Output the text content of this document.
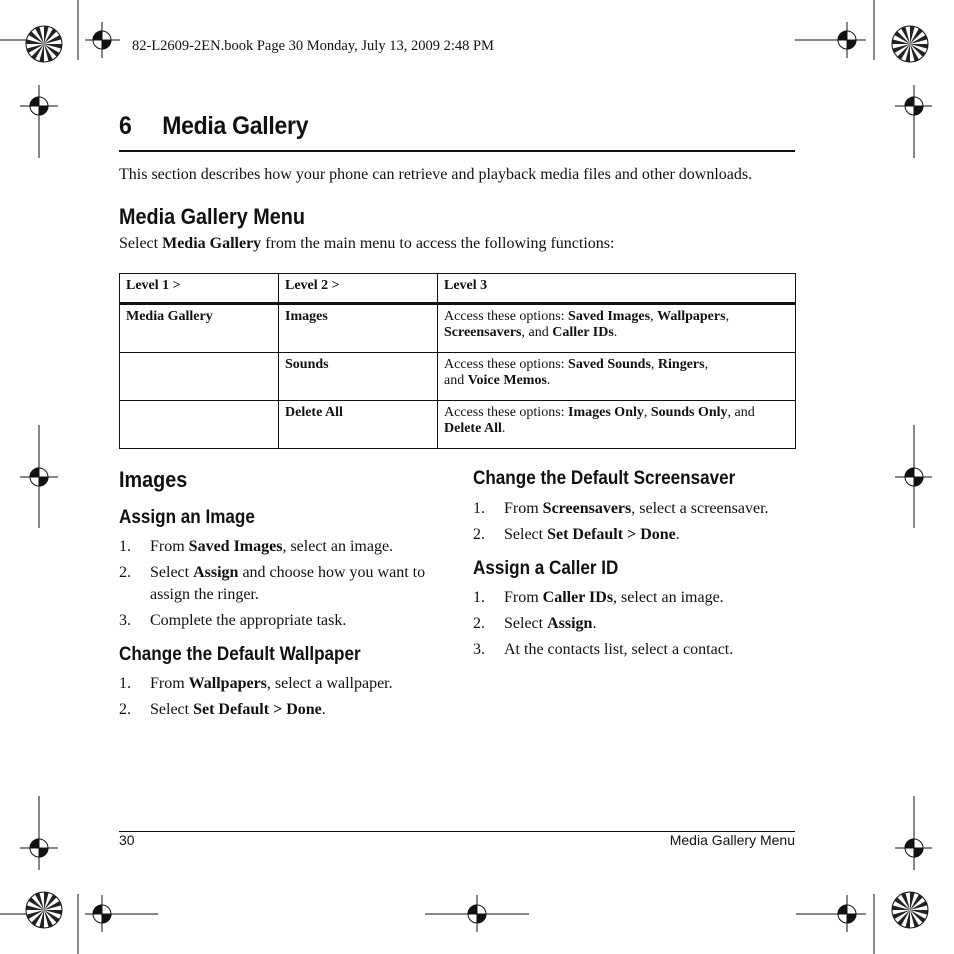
82-L2609-2EN.book Page 30 Monday, July 13, 2009 2:48 PM
6 Media Gallery
This section describes how your phone can retrieve and playback media files and other downloads.
Media Gallery Menu
Select Media Gallery from the main menu to access the following functions:
Level 1 >	Level 2 >	Level 3
Media Gallery	Images	Access these options: Saved Images, Wallpapers,
Screensavers, and Caller IDs.
	Sounds	Access these options: Saved Sounds, Ringers,
and Voice Memos.
	Delete All	Access these options: Images Only, Sounds Only, and
Delete All.
Images
Assign an Image
1. From Saved Images, select an image.
2. Select Assign and choose how you want to
assign the ringer.
3. Complete the appropriate task.
Change the Default Wallpaper
1. From Wallpapers, select a wallpaper.
2. Select Set Default > Done.
Change the Default Screensaver
1. From Screensavers, select a screensaver.
2. Select Set Default > Done.
Assign a Caller ID
1. From Caller IDs, select an image.
2. Select Assign.
3. At the contacts list, select a contact.
30	Media Gallery Menu
